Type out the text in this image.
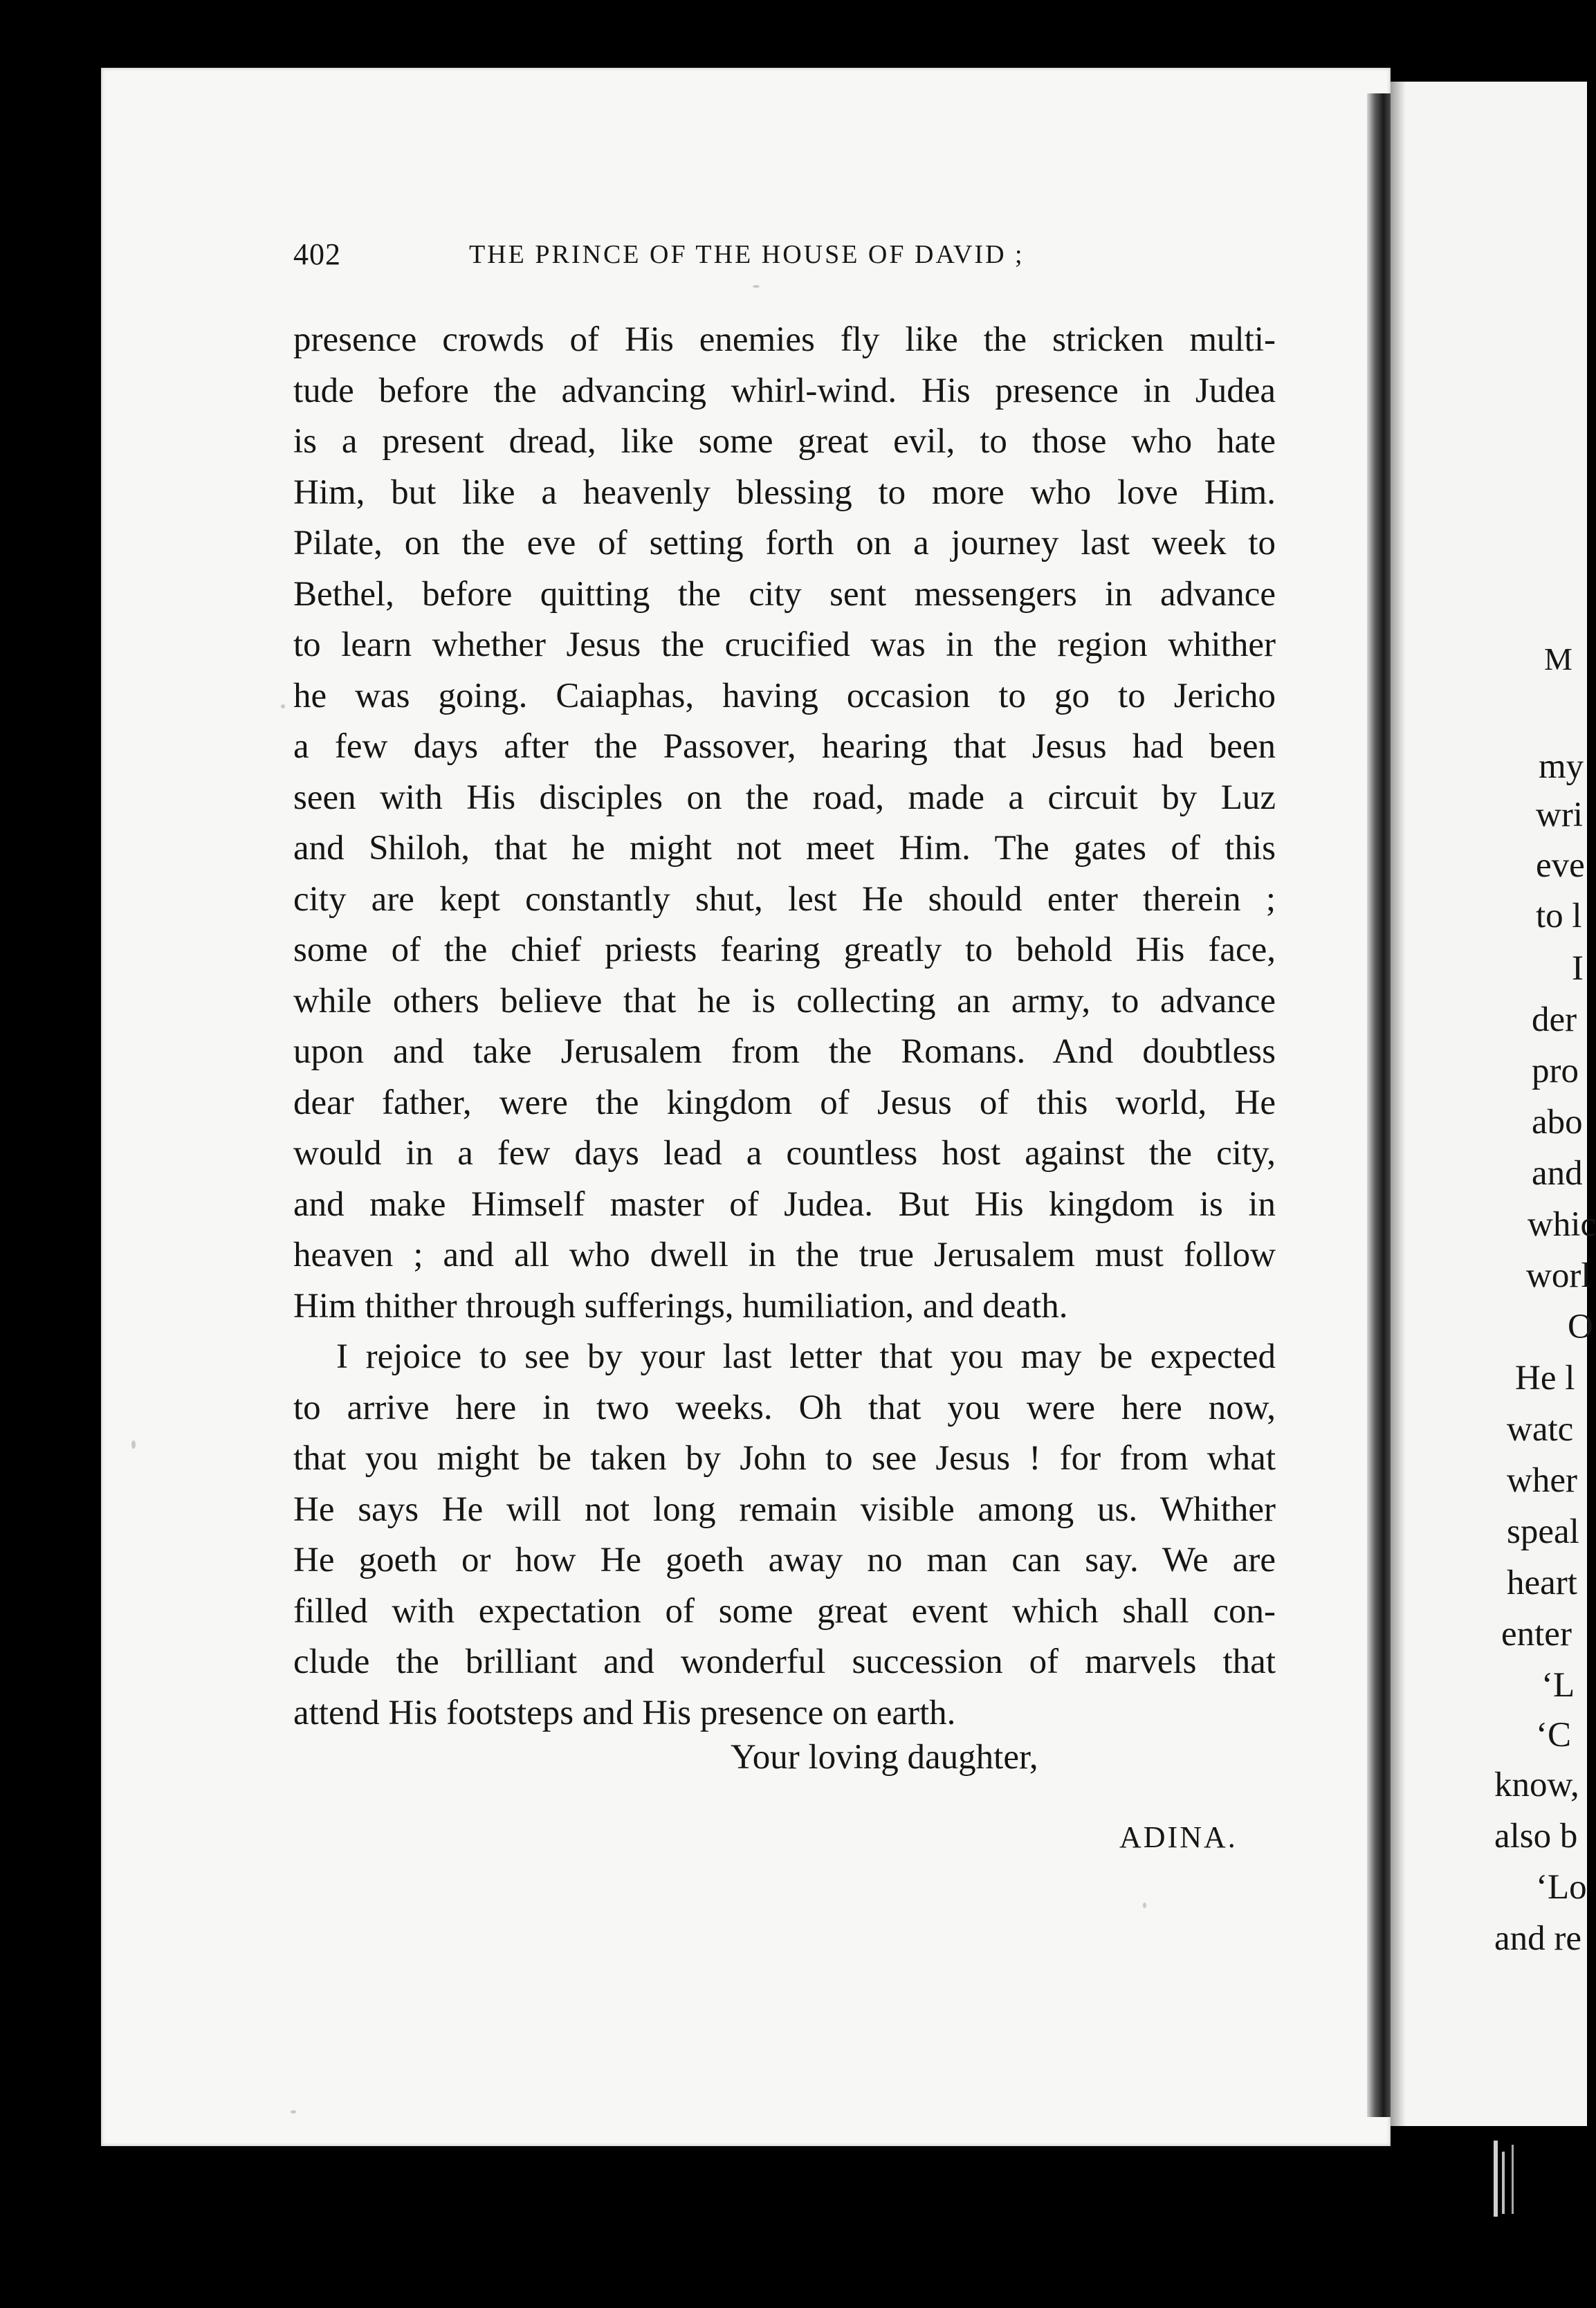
402	THE PRINCE OF THE HOUSE OF DAVID ;
presence crowds of His enemies fly like the stricken multi-
tude before the advancing whirl-wind. His presence in Judea
is a present dread, like some great evil, to those who hate
Him, but like a heavenly blessing to more who love Him.
Pilate, on the eve of setting forth on a journey last week to
Bethel, before quitting the city sent messengers in advance
to learn whether Jesus the crucified was in the region whither
he was going. Caiaphas, having occasion to go to Jericho
a few days after the Passover, hearing that Jesus had been
seen with His disciples on the road, made a circuit by Luz
and Shiloh, that he might not meet Him. The gates of this
city are kept constantly shut, lest He should enter therein ;
some of the chief priests fearing greatly to behold His face,
while others believe that he is collecting an army, to advance
upon and take Jerusalem from the Romans. And doubtless
dear father, were the kingdom of Jesus of this world, He
would in a few days lead a countless host against the city,
and make Himself master of Judea. But His kingdom is in
heaven ; and all who dwell in the true Jerusalem must follow
Him thither through sufferings, humiliation, and death.
I rejoice to see by your last letter that you may be expected
to arrive here in two weeks. Oh that you were here now,
that you might be taken by John to see Jesus ! for from what
He says He will not long remain visible among us. Whither
He goeth or how He goeth away no man can say. We are
filled with expectation of some great event which shall con-
clude the brilliant and wonderful succession of marvels that
attend His footsteps and His presence on earth.
Your loving daughter,
ADINA.
M
my
wri
eve
to l
I
der
pro
abo
and
whic
worl
O
He l
watc
wher
speal
heart
enter
‘L
‘C
know,
also b
‘Lo
and re
